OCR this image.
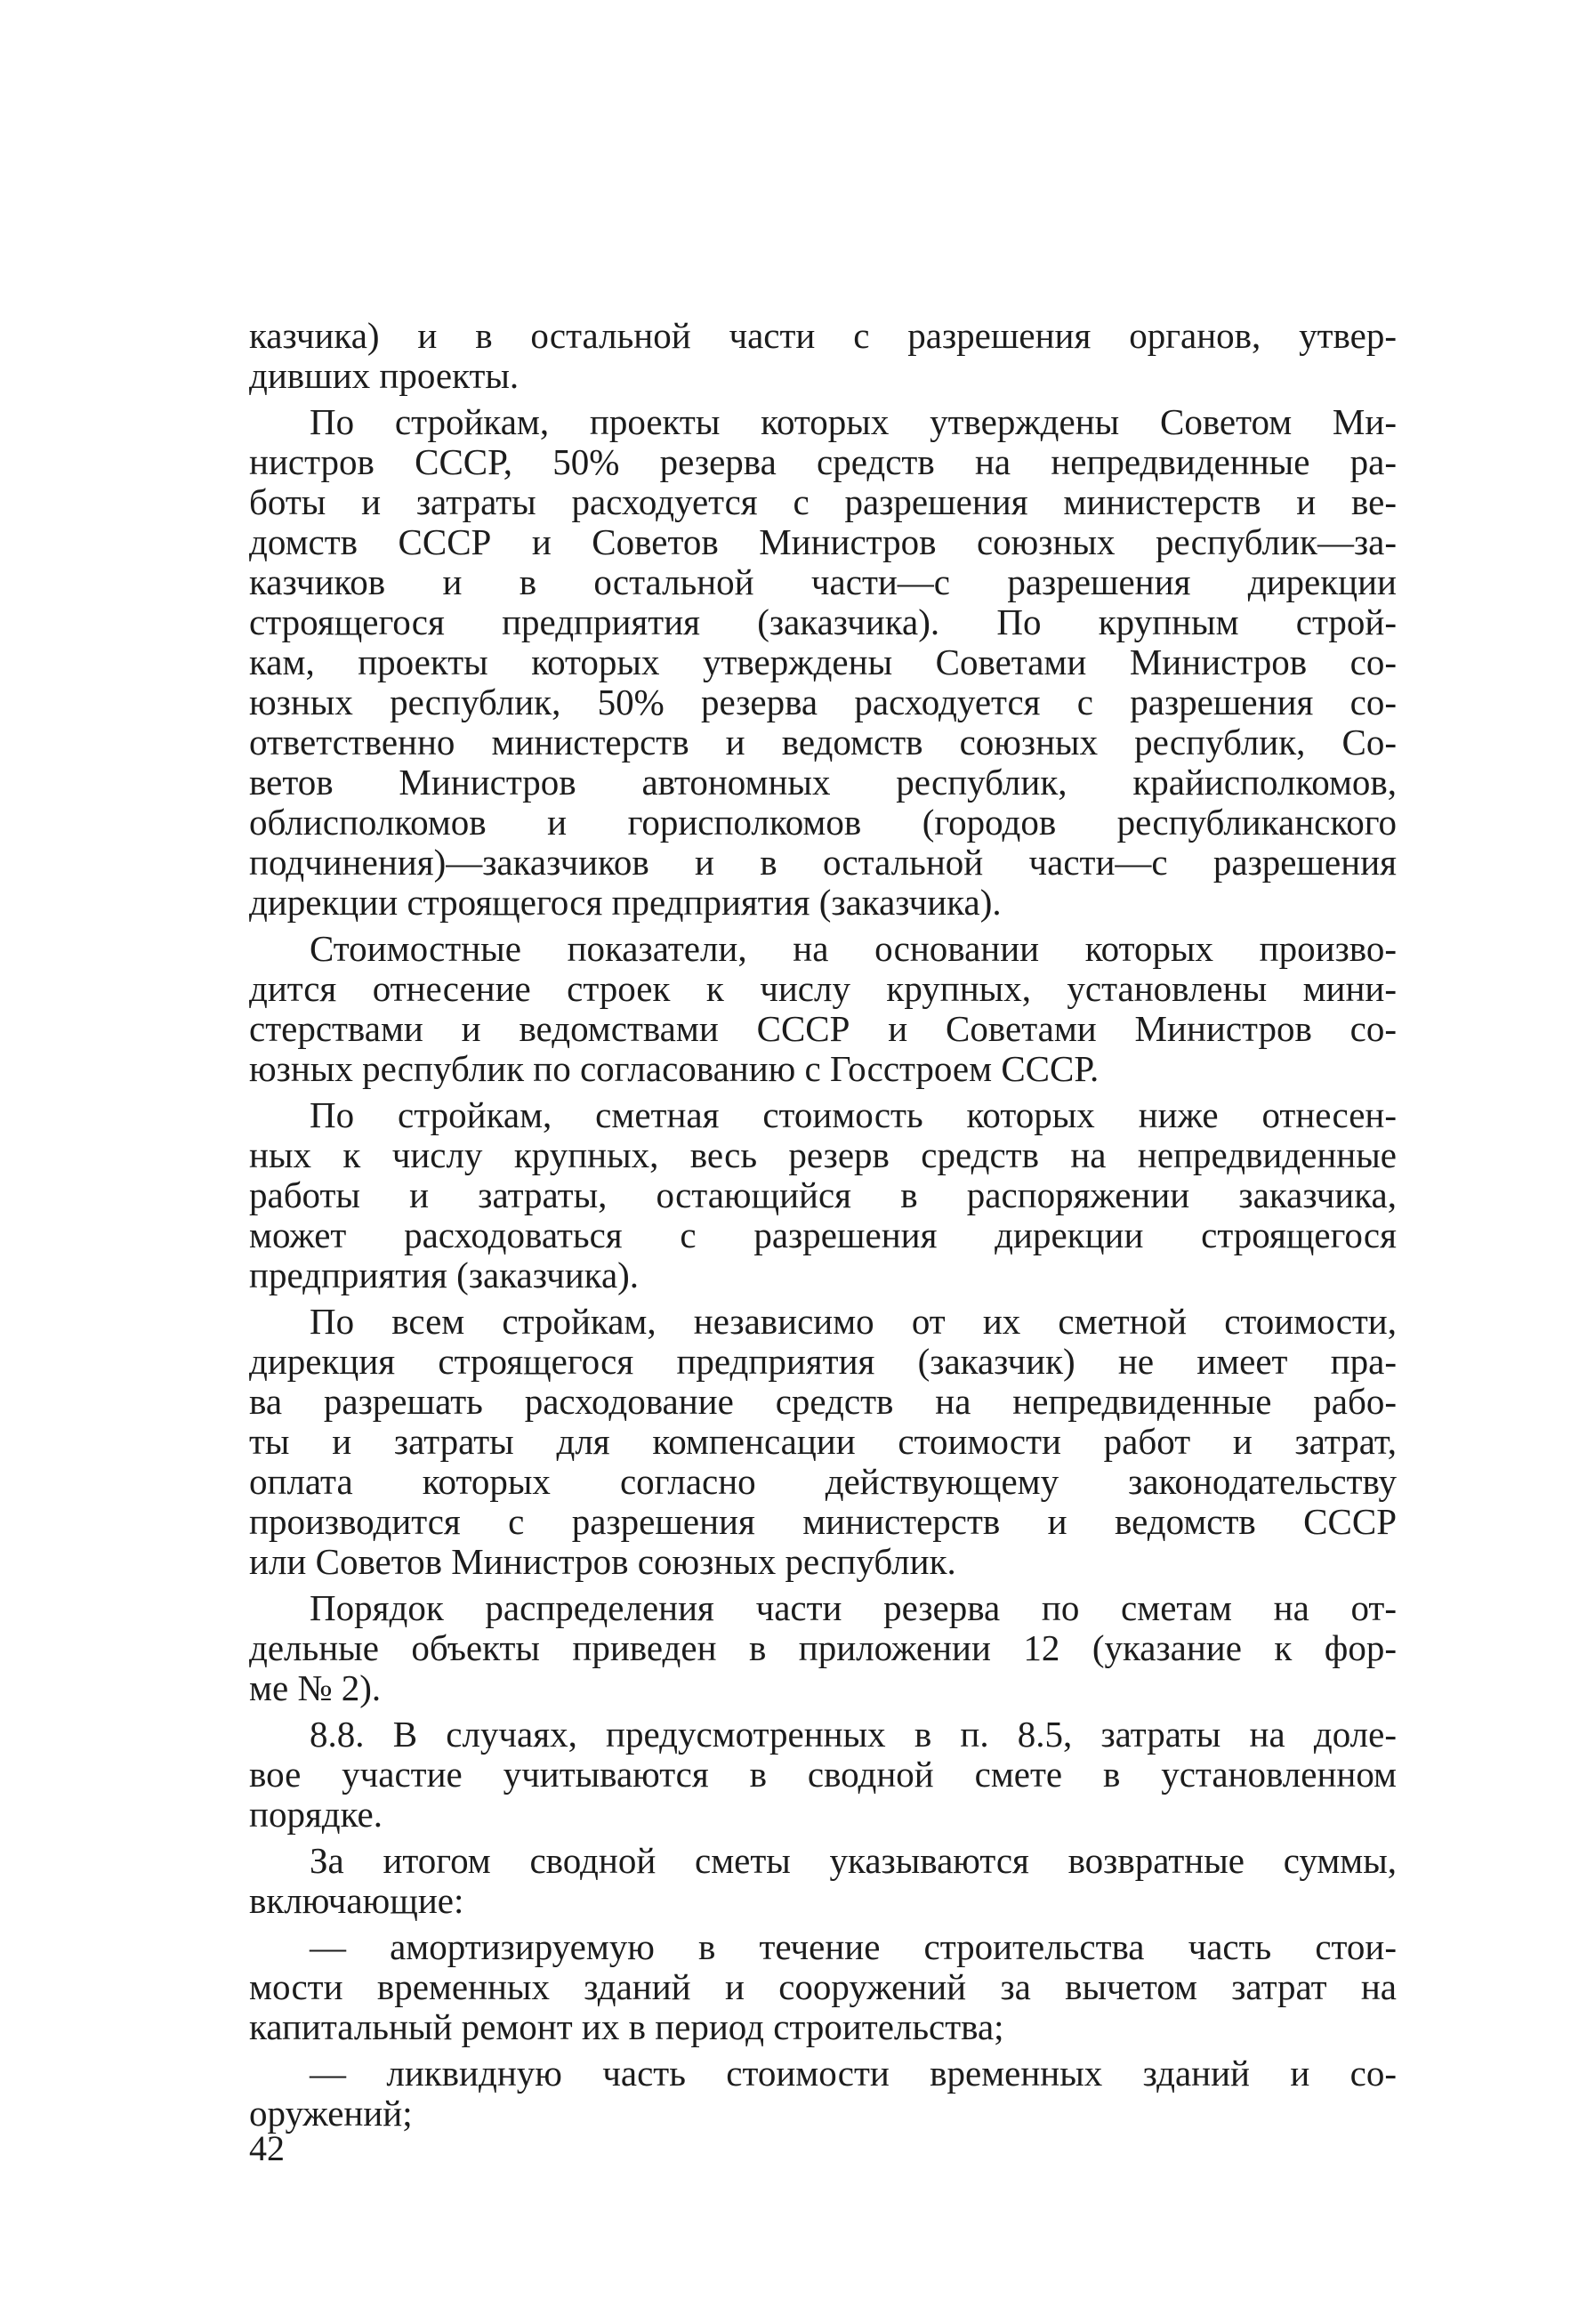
казчика) и в остальной части с разрешения органов, утвер-
дивших проекты.
По стройкам, проекты которых утверждены Советом Ми-
нистров СССР, 50% резерва средств на непредвиденные ра-
боты и затраты расходуется с разрешения министерств и ве-
домств СССР и Советов Министров союзных республик—за-
казчиков и в остальной части—с разрешения дирекции
строящегося предприятия (заказчика). По крупным строй-
кам, проекты которых утверждены Советами Министров со-
юзных республик, 50% резерва расходуется с разрешения со-
ответственно министерств и ведомств союзных республик, Со-
ветов Министров автономных республик, крайисполкомов,
облисполкомов и горисполкомов (городов республиканского
подчинения)—заказчиков и в остальной части—с разрешения
дирекции строящегося предприятия (заказчика).
Стоимостные показатели, на основании которых произво-
дится отнесение строек к числу крупных, установлены мини-
стерствами и ведомствами СССР и Советами Министров со-
юзных республик по согласованию с Госстроем СССР.
По стройкам, сметная стоимость которых ниже отнесен-
ных к числу крупных, весь резерв средств на непредвиденные
работы и затраты, остающийся в распоряжении заказчика,
может расходоваться с разрешения дирекции строящегося
предприятия (заказчика).
По всем стройкам, независимо от их сметной стоимости,
дирекция строящегося предприятия (заказчик) не имеет пра-
ва разрешать расходование средств на непредвиденные рабо-
ты и затраты для компенсации стоимости работ и затрат,
оплата которых согласно действующему законодательству
производится с разрешения министерств и ведомств СССР
или Советов Министров союзных республик.
Порядок распределения части резерва по сметам на от-
дельные объекты приведен в приложении 12 (указание к фор-
ме № 2).
8.8. В случаях, предусмотренных в п. 8.5, затраты на доле-
вое участие учитываются в сводной смете в установленном
порядке.
За итогом сводной сметы указываются возвратные суммы,
включающие:
— амортизируемую в течение строительства часть стои-
мости временных зданий и сооружений за вычетом затрат на
капитальный ремонт их в период строительства;
— ликвидную часть стоимости временных зданий и со-
оружений;
42
